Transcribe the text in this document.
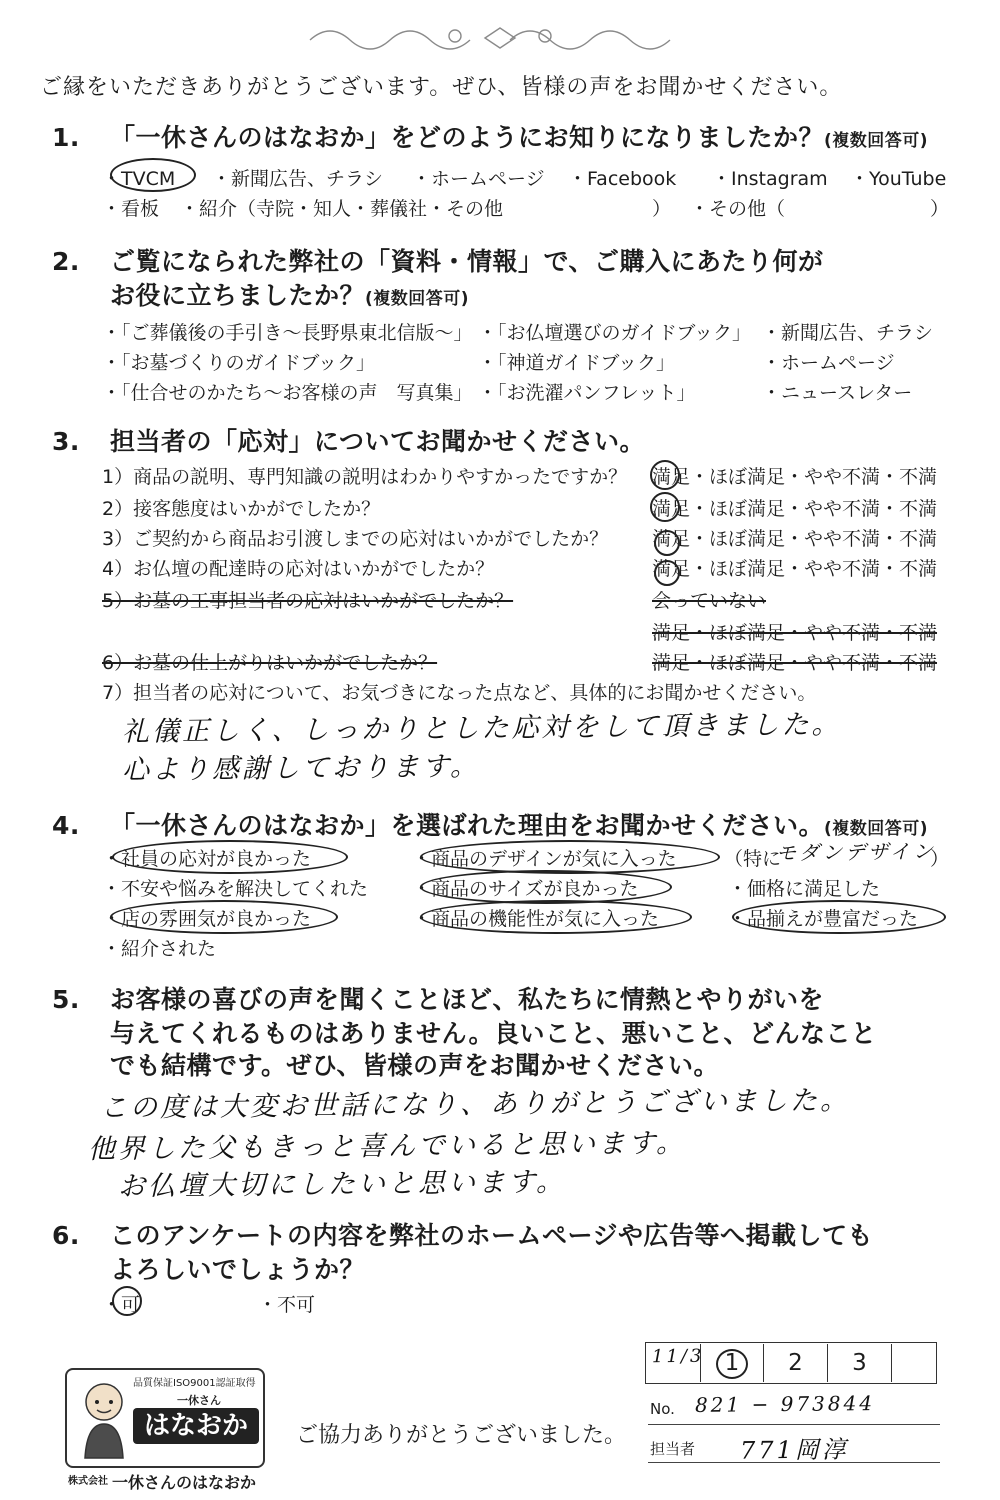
ご縁をいただきありがとうございます。ぜひ、皆様の声をお聞かせください。
1. 「一休さんのはなおか」をどのようにお知りになりましたか？(複数回答可)
・TVCM ・新聞広告、チラシ ・ホームページ ・Facebook ・Instagram ・YouTube
・看板 ・紹介（寺院・知人・葬儀社・その他	） ・その他（	）
2. ご覧になられた弊社の「資料・情報」で、ご購入にあたり何が
お役に立ちましたか？(複数回答可)
・「ご葬儀後の手引き～長野県東北信版～」 ・「お仏壇選びのガイドブック」 ・新聞広告、チラシ
・「お墓づくりのガイドブック」	・「神道ガイドブック」	・ホームページ
・「仕合せのかたち～お客様の声　写真集」 ・「お洗濯パンフレット」	・ニュースレター
3. 担当者の「応対」についてお聞かせください。
1）商品の説明、専門知識の説明はわかりやすかったですか？ 満足・ほぼ満足・やや不満・不満
2）接客態度はいかがでしたか？	満足・ほぼ満足・やや不満・不満
3）ご契約から商品お引渡しまでの応対はいかがでしたか？ 満足・ほぼ満足・やや不満・不満
4）お仏壇の配達時の応対はいかがでしたか？	満足・ほぼ満足・やや不満・不満
5）お墓の工事担当者の応対はいかがでしたか？	会っていない
満足・ほぼ満足・やや不満・不満
6）お墓の仕上がりはいかがでしたか？	満足・ほぼ満足・やや不満・不満
7）担当者の応対について、お気づきになった点など、具体的にお聞かせください。
礼儀正しく、しっかりとした応対をして頂きました。
心より感謝しております。
4. 「一休さんのはなおか」を選ばれた理由をお聞かせください。(複数回答可)
・社員の応対が良かった	・商品のデザインが気に入った （特に
モダンデザイン
）
・不安や悩みを解決してくれた ・商品のサイズが良かった	・価格に満足した
・店の雰囲気が良かった	・商品の機能性が気に入った	・品揃えが豊富だった
・紹介された
5. お客様の喜びの声を聞くことほど、私たちに情熱とやりがいを
与えてくれるものはありません。良いこと、悪いこと、どんなこと
でも結構です。ぜひ、皆様の声をお聞かせください。
この度は大変お世話になり、ありがとうございました。
他界した父もきっと喜んでいると思います。
お仏壇大切にしたいと思います。
6. このアンケートの内容を弊社のホームページや広告等へ掲載しても
よろしいでしょうか？
・可	・不可
11/3 1	2	3
No. 821 − 973844
担当者 771岡淳
ご協力ありがとうございました。
品質保証ISO9001認証取得
一休さん
はなおか
株式会社 一休さんのはなおか
